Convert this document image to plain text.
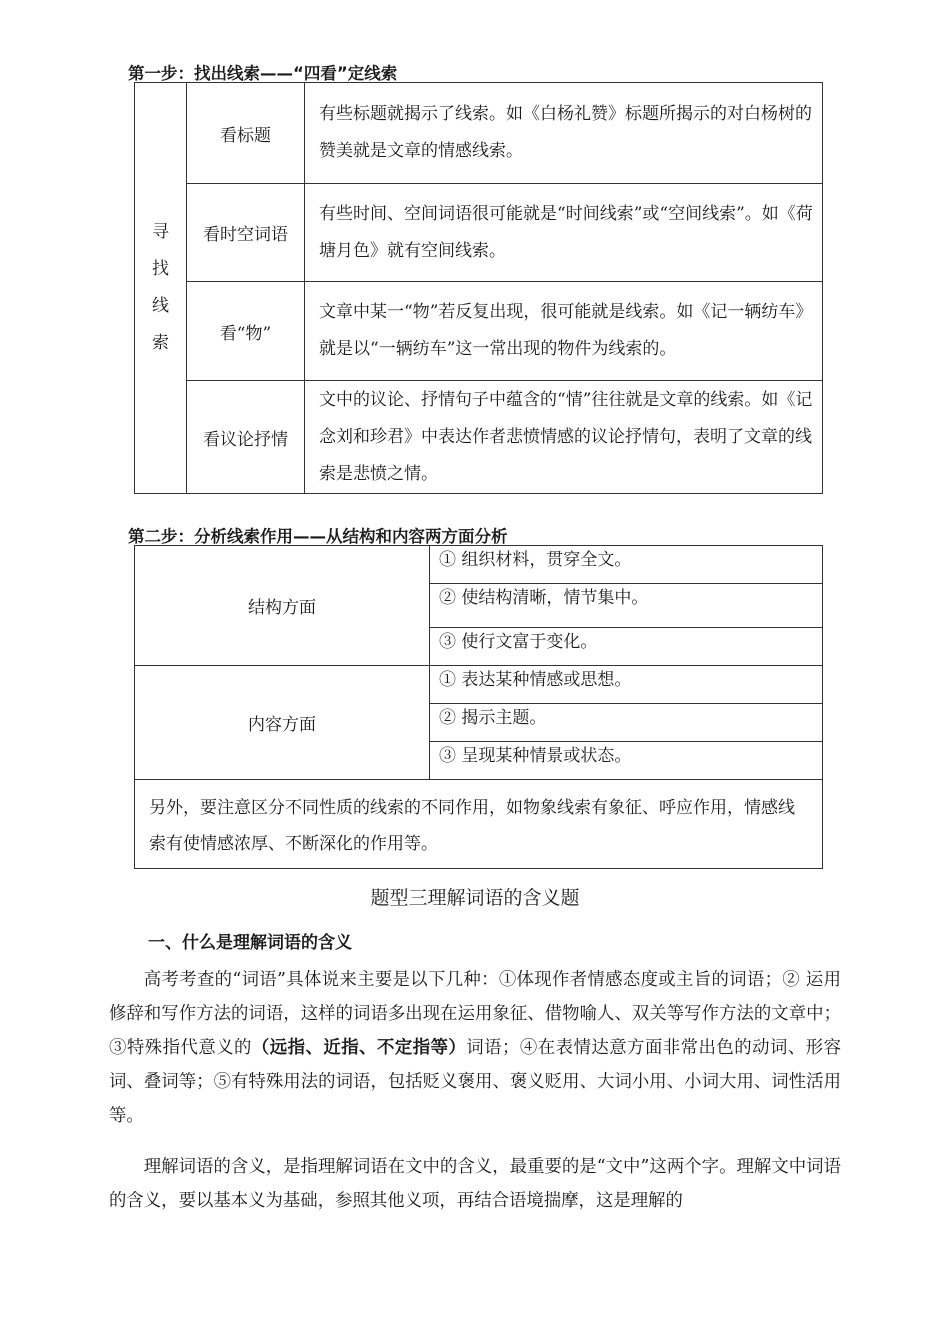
第一步：找出线索——“四看”定线索
寻找线索	看标题	有些标题就揭示了线索。如《白杨礼赞》标题所揭示的对白杨树的赞美就是文章的情感线索。
	看时空词语	有些时间、空间词语很可能就是“时间线索”或“空间线索”。如《荷塘月色》就有空间线索。
	看“物”	文章中某一“物”若反复出现，很可能就是线索。如《记一辆纺车》就是以“一辆纺车”这一常出现的物件为线索的。
	看议论抒情	文中的议论、抒情句子中蕴含的“情”往往就是文章的线索。如《记念刘和珍君》中表达作者悲愤情感的议论抒情句，表明了文章的线索是悲愤之情。
第二步：分析线索作用——从结构和内容两方面分析
结构方面	① 组织材料，贯穿全文。
	② 使结构清晰，情节集中。
	③ 使行文富于变化。
内容方面	① 表达某种情感或思想。
	② 揭示主题。
	③ 呈现某种情景或状态。
另外，要注意区分不同性质的线索的不同作用，如物象线索有象征、呼应作用，情感线索有使情感浓厚、不断深化的作用等。	
题型三理解词语的含义题
一、什么是理解词语的含义

高考考查的“词语”具体说来主要是以下几种：①体现作者情感态度或主旨的词语；② 运用修辞和写作方法的词语，这样的词语多出现在运用象征、借物喻人、双关等写作方法的文章中；③特殊指代意义的（远指、近指、不定指等）词语；④在表情达意方面非常出色的动词、形容词、叠词等；⑤有特殊用法的词语，包括贬义褒用、褒义贬用、大词小用、小词大用、词性活用等。

理解词语的含义，是指理解词语在文中的含义，最重要的是“文中”这两个字。理解文中词语的含义，要以基本义为基础，参照其他义项，再结合语境揣摩，这是理解的
